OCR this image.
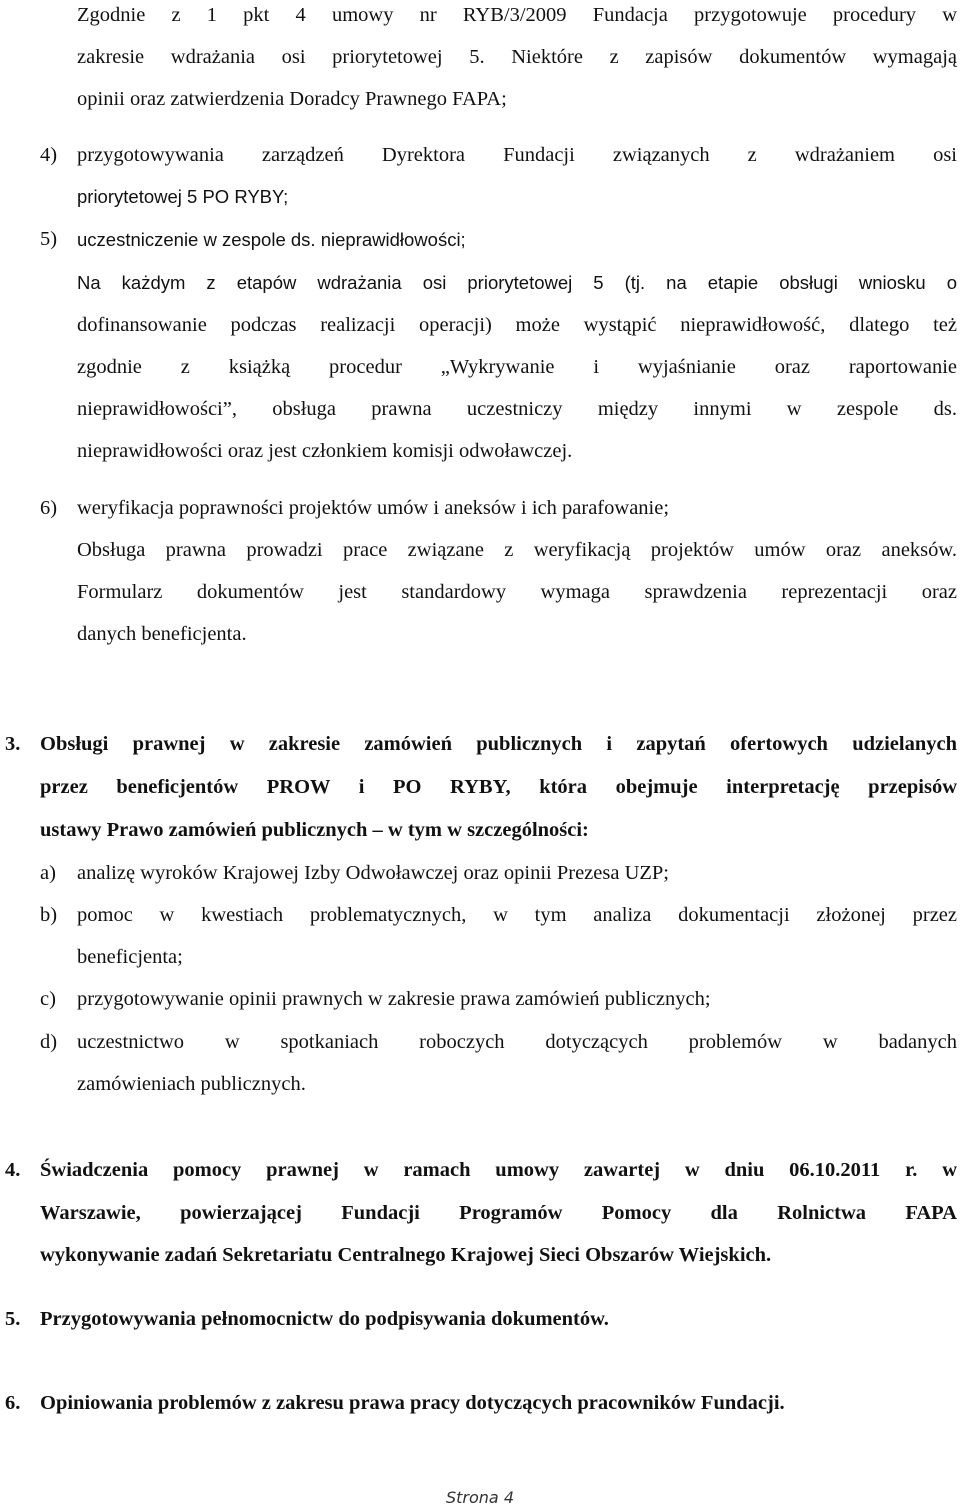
Zgodnie z 1 pkt 4 umowy nr RYB/3/2009 Fundacja przygotowuje procedury w
zakresie wdrażania osi priorytetowej 5. Niektóre z zapisów dokumentów wymagają
opinii oraz zatwierdzenia Doradcy Prawnego FAPA;
4) przygotowywania zarządzeń Dyrektora Fundacji związanych z wdrażaniem osi
priorytetowej 5 PO RYBY;
5) uczestniczenie w zespole ds. nieprawidłowości;
Na każdym z etapów wdrażania osi priorytetowej 5 (tj. na etapie obsługi wniosku o
dofinansowanie podczas realizacji operacji) może wystąpić nieprawidłowość, dlatego też
zgodnie z książką procedur „Wykrywanie i wyjaśnianie oraz raportowanie
nieprawidłowości”, obsługa prawna uczestniczy między innymi w zespole ds.
nieprawidłowości oraz jest członkiem komisji odwoławczej.
6) weryfikacja poprawności projektów umów i aneksów i ich parafowanie;
Obsługa prawna prowadzi prace związane z weryfikacją projektów umów oraz aneksów.
Formularz dokumentów jest standardowy wymaga sprawdzenia reprezentacji oraz
danych beneficjenta.
3. Obsługi prawnej w zakresie zamówień publicznych i zapytań ofertowych udzielanych
przez beneficjentów PROW i PO RYBY, która obejmuje interpretację przepisów
ustawy Prawo zamówień publicznych – w tym w szczególności:
a) analizę wyroków Krajowej Izby Odwoławczej oraz opinii Prezesa UZP;
b) pomoc w kwestiach problematycznych, w tym analiza dokumentacji złożonej przez
beneficjenta;
c) przygotowywanie opinii prawnych w zakresie prawa zamówień publicznych;
d) uczestnictwo w spotkaniach roboczych dotyczących problemów w badanych
zamówieniach publicznych.
4. Świadczenia pomocy prawnej w ramach umowy zawartej w dniu 06.10.2011 r. w
Warszawie, powierzającej Fundacji Programów Pomocy dla Rolnictwa FAPA
wykonywanie zadań Sekretariatu Centralnego Krajowej Sieci Obszarów Wiejskich.
5. Przygotowywania pełnomocnictw do podpisywania dokumentów.
6. Opiniowania problemów z zakresu prawa pracy dotyczących pracowników Fundacji.
Strona 4
